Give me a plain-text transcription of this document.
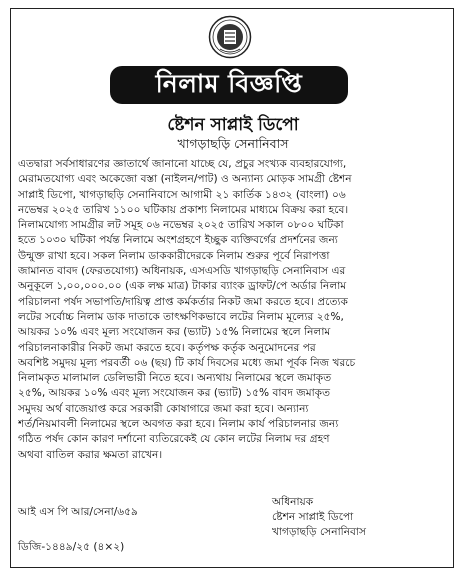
নিলাম বিজ্ঞপ্তি
ষ্টেশন সাপ্লাই ডিপো
খাগড়াছড়ি সেনানিবাস
এতদ্বারা সর্বসাধারণের জ্ঞাতার্থে জানানো যাচ্ছে যে, প্রচুর সংখ্যক ব্যবহারযোগ্য,
মেরামতযোগ্য এবং অকেজো বস্তা (নাইলন/পাট) ও অন্যান্য মোড়ক সামগ্রী ষ্টেশন
সাপ্লাই ডিপো, খাগড়াছড়ি সেনানিবাসে আগামী ২১ কার্তিক ১৪৩২ (বাংলা) ০৬
নভেম্বর ২০২৫ তারিখ ১১০০ ঘটিকায় প্রকাশ্য নিলামের মাধ্যমে বিক্রয় করা হবে।
নিলামযোগ্য সামগ্রীর লট সমূহ ০৬ নভেম্বর ২০২৫ তারিখ সকাল ০৮০০ ঘটিকা
হতে ১০৩০ ঘটিকা পর্যন্ত নিলামে অংশগ্রহণে ইচ্ছুক ব্যক্তিবর্গের প্রদর্শনের জন্য
উন্মুক্ত রাখা হবে। সকল নিলাম ডাককারীদেরকে নিলাম শুরুর পূর্বে নিরাপত্তা
জামানত বাবদ (ফেরতযোগ্য) অধিনায়ক, এসএসডি খাগড়াছড়ি সেনানিবাস এর
অনুকূলে ১,০০,০০০.০০ (এক লক্ষ মাত্র) টাকার ব্যাংক ড্রাফট/পে অর্ডার নিলাম
পরিচালনা পর্ষদ সভাপতি/দায়িত্ব প্রাপ্ত কর্মকর্তার নিকট জমা করতে হবে। প্রত্যেক
লটের সর্বোচ্চ নিলাম ডাক দাতাকে তাৎক্ষণিকভাবে লটের নিলাম মূল্যের ২৫%,
আয়কর ১০% এবং মূল্য সংযোজন কর (ভ্যাট) ১৫% নিলামের স্থলে নিলাম
পরিচালনাকারীর নিকট জমা করতে হবে। কর্তৃপক্ষ কর্তৃক অনুমোদনের পর
অবশিষ্ট সমুদয় মূল্য পরবর্তী ০৬ (ছয়) টি কার্য দিবসের মধ্যে জমা পূর্বক নিজ খরচে
নিলামকৃত মালামাল ডেলিভারী নিতে হবে। অন্যথায় নিলামের স্থলে জমাকৃত
২৫%, আয়কর ১০% এবং মূল্য সংযোজন কর (ভ্যাট) ১৫% বাবদ জমাকৃত
সমুদয় অর্থ বাজেয়াপ্ত করে সরকারী কোষাগারে জমা করা হবে। অন্যান্য
শর্ত/নিয়মাবলী নিলামের স্থলে অবগত করা হবে। নিলাম কার্য পরিচালনার জন্য
গঠিত পর্ষদ কোন কারণ দর্শানো ব্যতিরেকেই যে কোন লটের নিলাম দর গ্রহণ
অথবা বাতিল করার ক্ষমতা রাখেন।
আই এস পি আর/সেনা/৬৫৯
অধিনায়ক
ষ্টেশন সাপ্লাই ডিপো
খাগড়াছড়ি সেনানিবাস
ডিজি-১৪৪৯/২৫ (৪×২)
